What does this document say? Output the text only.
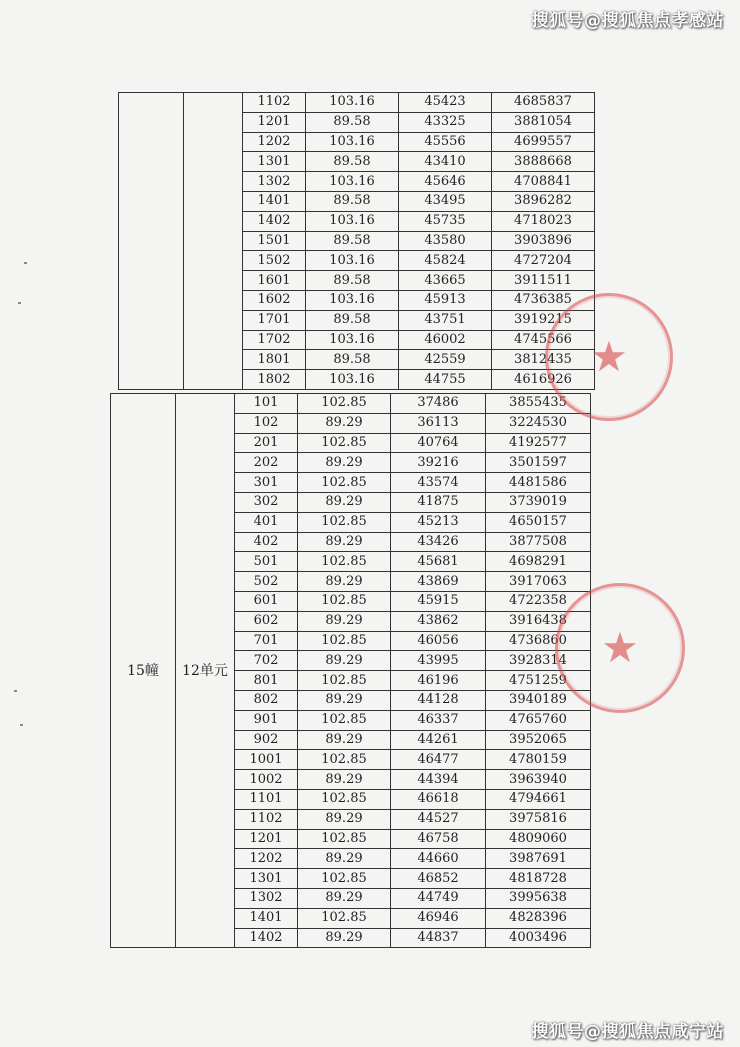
搜狐号@搜狐焦点孝感站
		1102	103.16	45423	4685837
		1201	89.58	43325	3881054
		1202	103.16	45556	4699557
		1301	89.58	43410	3888668
		1302	103.16	45646	4708841
		1401	89.58	43495	3896282
		1402	103.16	45735	4718023
		1501	89.58	43580	3903896
		1502	103.16	45824	4727204
		1601	89.58	43665	3911511
		1602	103.16	45913	4736385
		1701	89.58	43751	3919215
		1702	103.16	46002	4745566
		1801	89.58	42559	3812435
		1802	103.16	44755	4616926
15幢	12单元	101	102.85	37486	3855435
		102	89.29	36113	3224530
		201	102.85	40764	4192577
		202	89.29	39216	3501597
		301	102.85	43574	4481586
		302	89.29	41875	3739019
		401	102.85	45213	4650157
		402	89.29	43426	3877508
		501	102.85	45681	4698291
		502	89.29	43869	3917063
		601	102.85	45915	4722358
		602	89.29	43862	3916438
		701	102.85	46056	4736860
		702	89.29	43995	3928314
		801	102.85	46196	4751259
		802	89.29	44128	3940189
		901	102.85	46337	4765760
		902	89.29	44261	3952065
		1001	102.85	46477	4780159
		1002	89.29	44394	3963940
		1101	102.85	46618	4794661
		1102	89.29	44527	3975816
		1201	102.85	46758	4809060
		1202	89.29	44660	3987691
		1301	102.85	46852	4818728
		1302	89.29	44749	3995638
		1401	102.85	46946	4828396
		1402	89.29	44837	4003496
★
★
搜狐号@搜狐焦点咸宁站
